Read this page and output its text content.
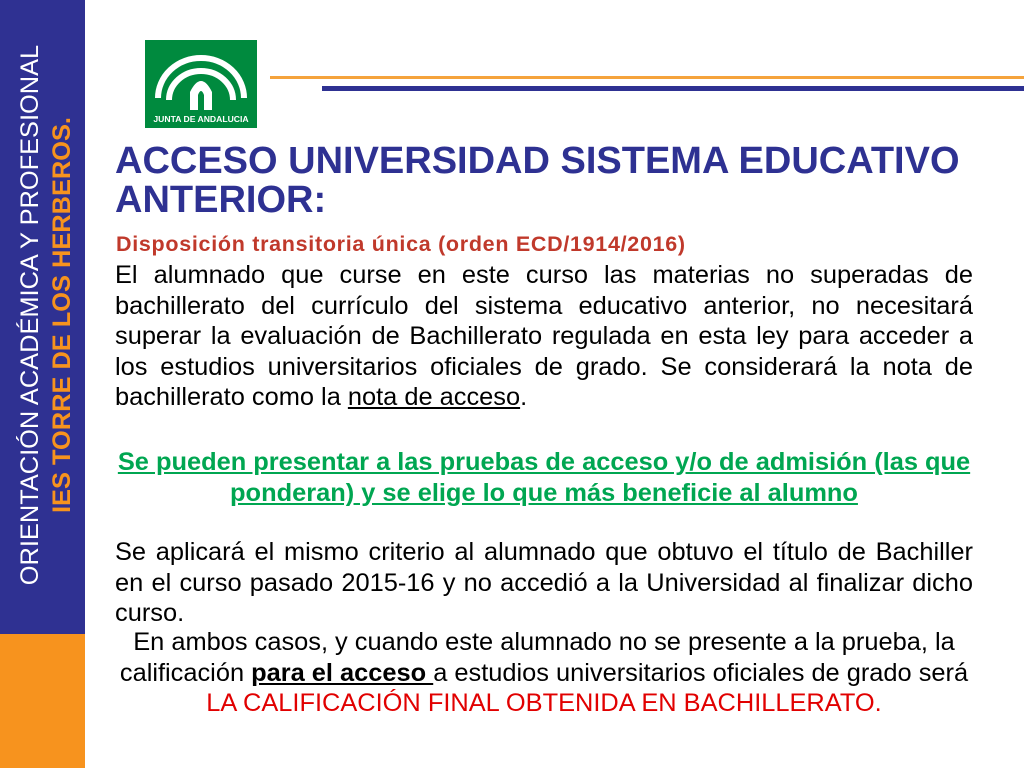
ORIENTACIÓN ACADÉMICA Y PROFESIONAL IES TORRE DE LOS HERBEROS.	JUNTA DE ANDALUCIA
ACCESO UNIVERSIDAD SISTEMA EDUCATIVO ANTERIOR:

Disposición transitoria única (orden ECD/1914/2016)

El alumnado que curse en este curso las materias no superadas de
bachillerato del currículo del sistema educativo anterior, no necesitará
superar la evaluación de Bachillerato regulada en esta ley para acceder a
los estudios universitarios oficiales de grado. Se considerará la nota de
bachillerato como la nota de acceso.
Se pueden presentar a las pruebas de acceso y/o de admisión (las que
ponderan) y se elige lo que más beneficie al alumno
Se aplicará el mismo criterio al alumnado que obtuvo el título de Bachiller
en el curso pasado 2015-16 y no accedió a la Universidad al finalizar dicho
curso.
En ambos casos, y cuando este alumnado no se presente a la prueba, la
calificación para el acceso a estudios universitarios oficiales de grado será
LA CALIFICACIÓN FINAL OBTENIDA EN BACHILLERATO.
